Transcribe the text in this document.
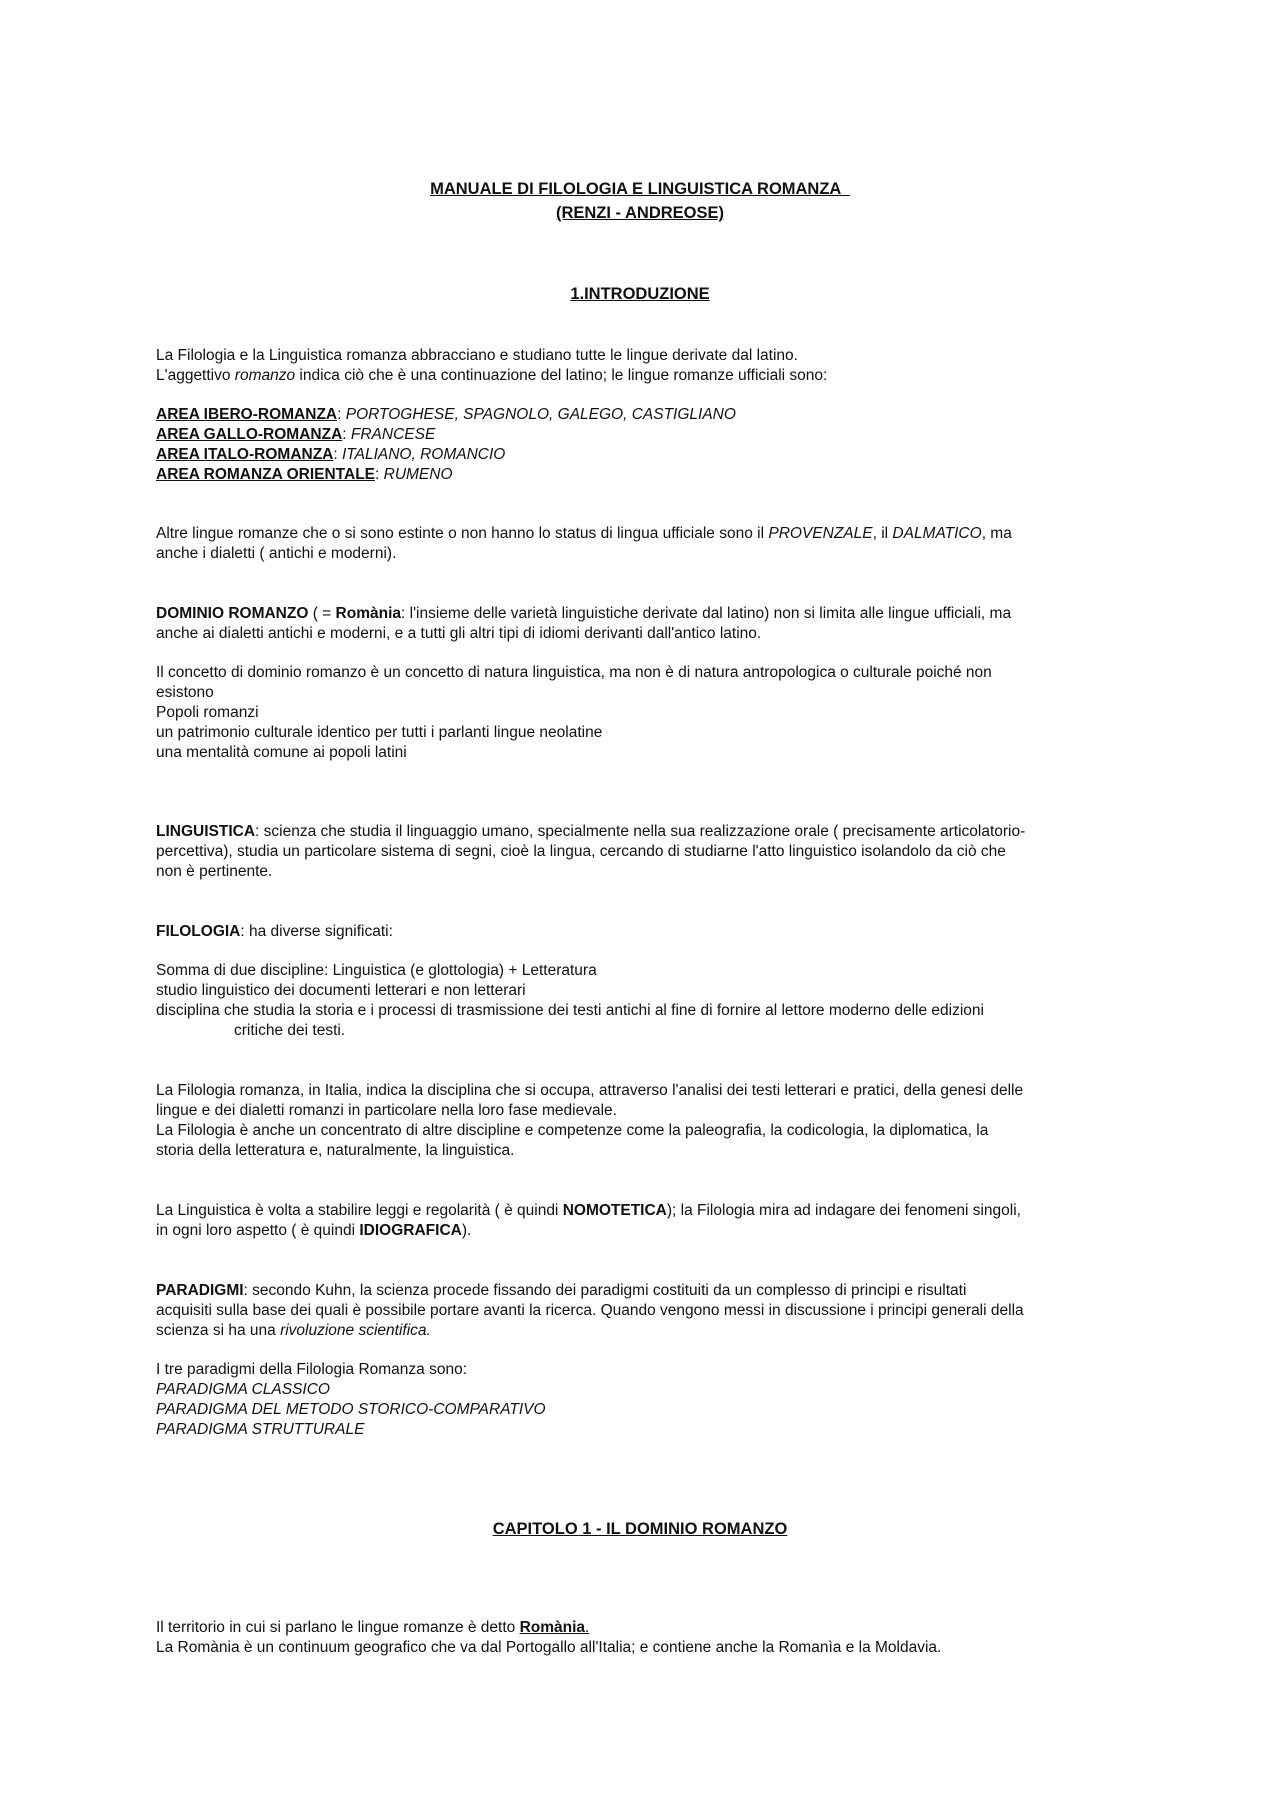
MANUALE DI FILOLOGIA E LINGUISTICA ROMANZA
(RENZI - ANDREOSE)
1.INTRODUZIONE
La Filologia e la Linguistica romanza abbracciano e studiano tutte le lingue derivate dal latino.
L'aggettivo romanzo indica ciò che è una continuazione del latino; le lingue romanze ufficiali sono:
AREA IBERO-ROMANZA: PORTOGHESE, SPAGNOLO, GALEGO, CASTIGLIANO
AREA GALLO-ROMANZA: FRANCESE
AREA ITALO-ROMANZA: ITALIANO, ROMANCIO
AREA ROMANZA ORIENTALE: RUMENO
Altre lingue romanze che o si sono estinte o non hanno lo status di lingua ufficiale sono il PROVENZALE, il DALMATICO, ma
anche i dialetti ( antichi e moderni).
DOMINIO ROMANZO ( = Romània: l'insieme delle varietà linguistiche derivate dal latino) non si limita alle lingue ufficiali, ma
anche ai dialetti antichi e moderni, e a tutti gli altri tipi di idiomi derivanti dall'antico latino.
Il concetto di dominio romanzo è un concetto di natura linguistica, ma non è di natura antropologica o culturale poiché non
esistono
Popoli romanzi
un patrimonio culturale identico per tutti i parlanti lingue neolatine
una mentalità comune ai popoli latini
LINGUISTICA: scienza che studia il linguaggio umano, specialmente nella sua realizzazione orale ( precisamente articolatorio-
percettiva), studia un particolare sistema di segni, cioè la lingua, cercando di studiarne l'atto linguistico isolandolo da ciò che
non è pertinente.
FILOLOGIA: ha diverse significati:
Somma di due discipline: Linguistica (e glottologia) + Letteratura
studio linguistico dei documenti letterari e non letterari
disciplina che studia la storia e i processi di trasmissione dei testi antichi al fine di fornire al lettore moderno delle edizioni
critiche dei testi.
La Filologia romanza, in Italia, indica la disciplina che si occupa, attraverso l'analisi dei testi letterari e pratici, della genesi delle
lingue e dei dialetti romanzi in particolare nella loro fase medievale.
La Filologia è anche un concentrato di altre discipline e competenze come la paleografia, la codicologia, la diplomatica, la
storia della letteratura e, naturalmente, la linguistica.
La Linguistica è volta a stabilire leggi e regolarità ( è quindi NOMOTETICA); la Filologia mira ad indagare dei fenomeni singoli,
in ogni loro aspetto ( è quindi IDIOGRAFICA).
PARADIGMI: secondo Kuhn, la scienza procede fissando dei paradigmi costituiti da un complesso di principi e risultati
acquisiti sulla base dei quali è possibile portare avanti la ricerca. Quando vengono messi in discussione i principi generali della
scienza si ha una rivoluzione scientifica.
I tre paradigmi della Filologia Romanza sono:
PARADIGMA CLASSICO
PARADIGMA DEL METODO STORICO-COMPARATIVO
PARADIGMA STRUTTURALE
CAPITOLO 1 - IL DOMINIO ROMANZO
Il territorio in cui si parlano le lingue romanze è detto Romània.
La Romània è un continuum geografico che va dal Portogallo all'Italia; e contiene anche la Romanìa e la Moldavia.
